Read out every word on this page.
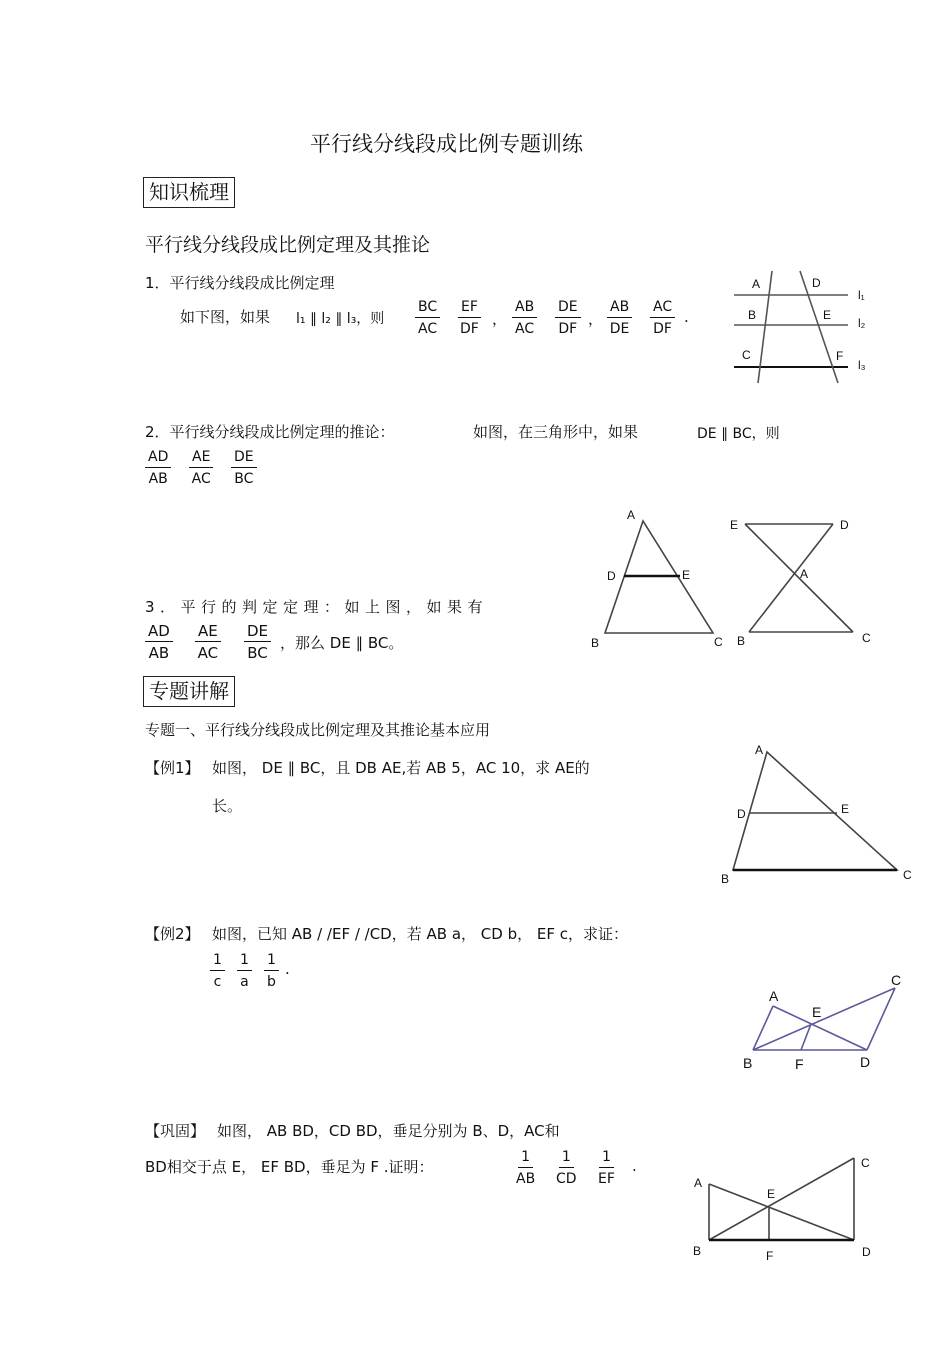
平行线分线段成比例专题训练
知识梳理
平行线分线段成比例定理及其推论
1．平行线分线段成比例定理
如下图，如果 l₁ ∥ l₂ ∥ l₃，则 $\frac{BC}{AC} \frac{EF}{DF}$ ， $\frac{AB}{AC} \frac{DE}{DF}$ ， $\frac{AB}{DE} \frac{AC}{DF}$ .
A	D
l₁
B	E
l₂
C	F
l₃
2．平行线分线段成比例定理的推论：	如图，在三角形中，如果	DE ∥ BC，则
$\frac{AD}{AB} \frac{AE}{AC} \frac{DE}{BC}$
A
D	E
B	C
E	D
A
B	C
3．平行的判定定理：如上图，如果有
$\frac{AD}{AB} \frac{AE}{AC} \frac{DE}{BC}$ ，那么 DE ∥ BC。
专题讲解
专题一、平行线分线段成比例定理及其推论基本应用
【例1】 如图， DE ∥ BC，且 DB AE,若 AB 5，AC 10，求 AE的
长。
A
D	E
B	C
【例2】 如图，已知 AB / /EF / /CD，若 AB a， CD b， EF c，求证：
$\frac{1}{c} \frac{1}{a} \frac{1}{b}$ .
A
C
E
B	F	D
【巩固】 如图， AB BD，CD BD，垂足分别为 B、D，AC和
BD相交于点 E， EF BD，垂足为 F .证明：	$\frac{1}{AB} \frac{1}{CD} \frac{1}{EF}$ .
A
C
E
B	F	D
